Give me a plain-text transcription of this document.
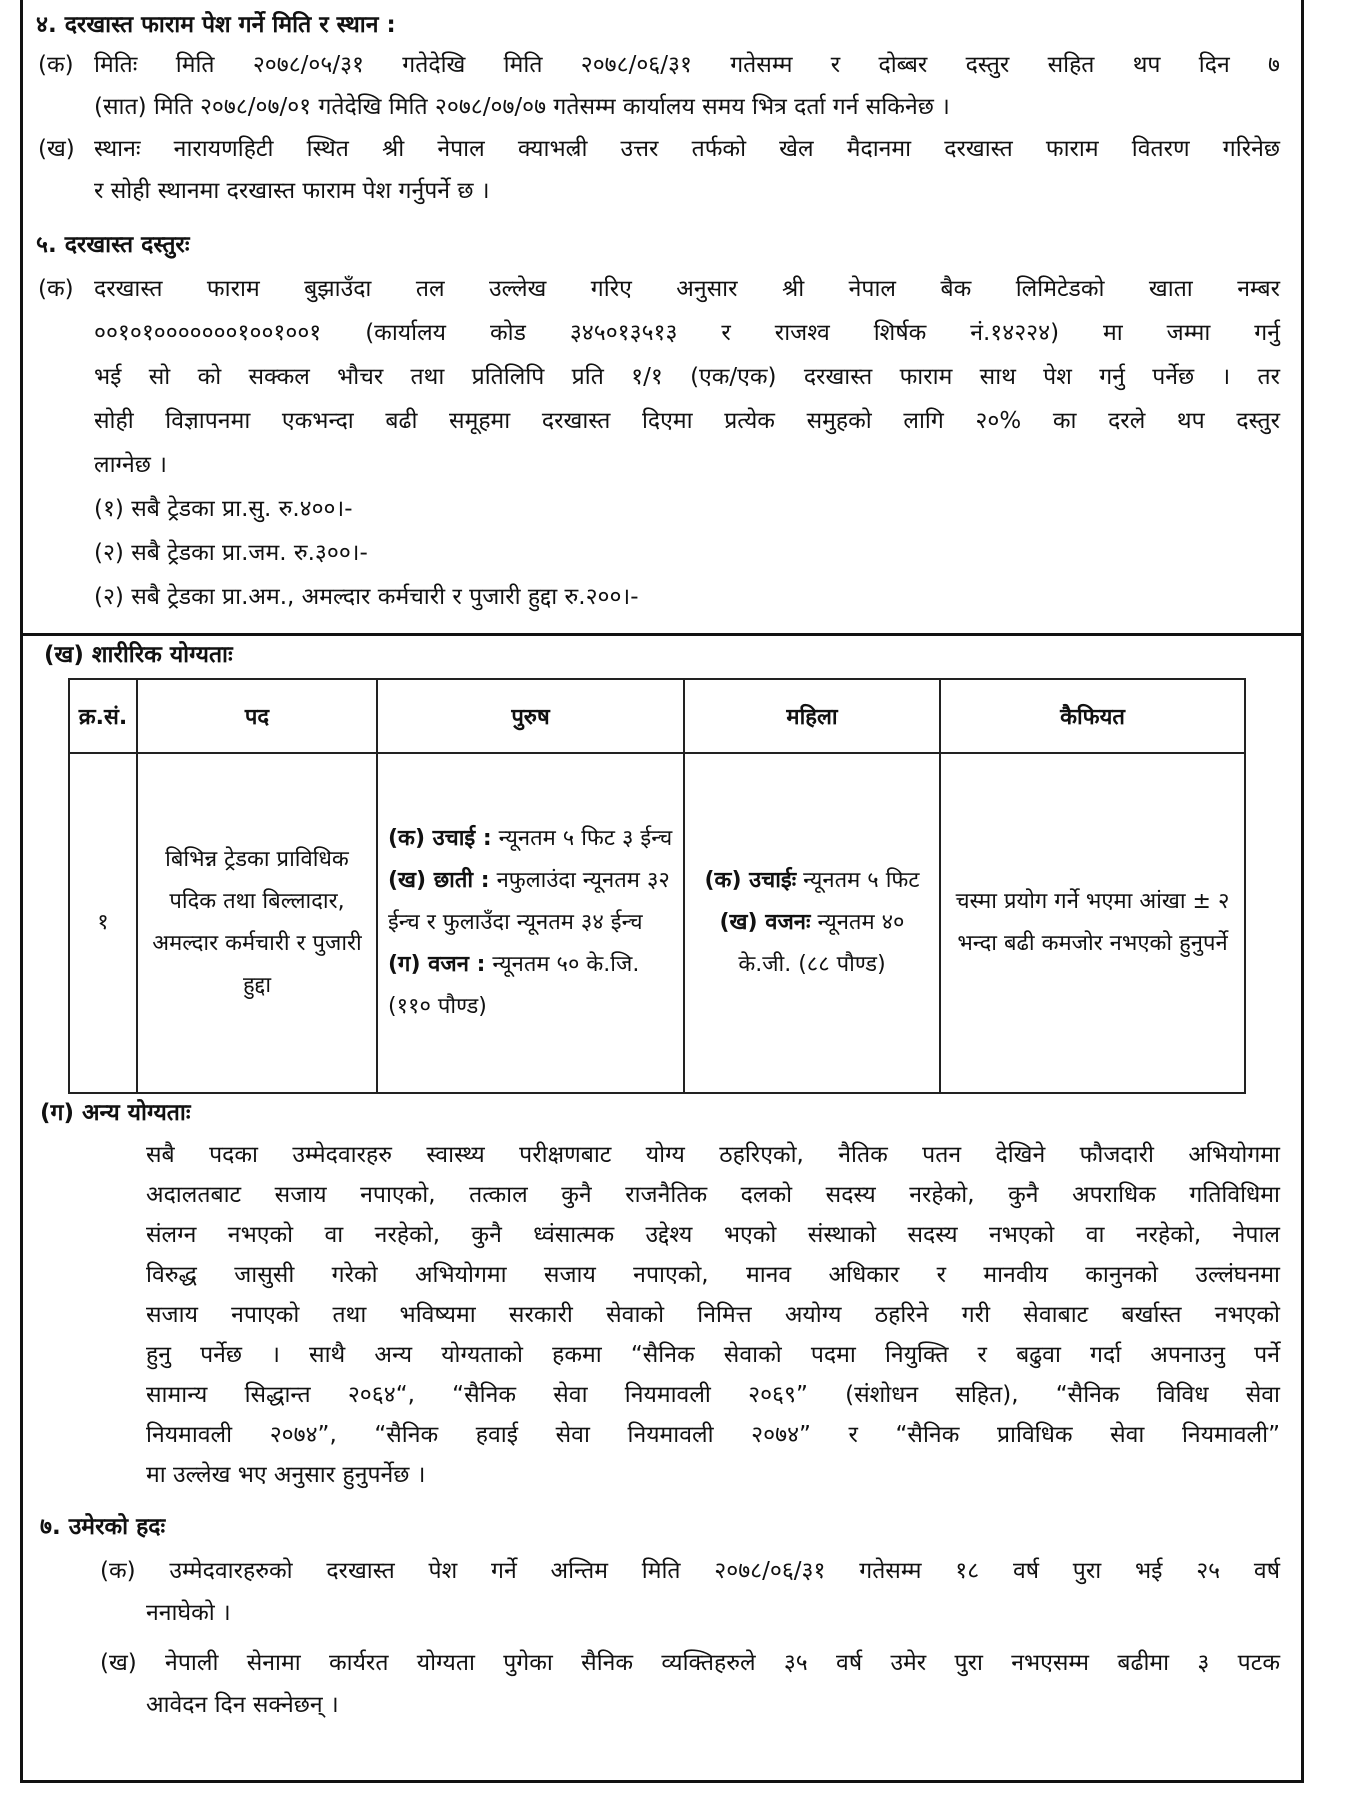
४. दरखास्त फाराम पेश गर्ने मिति र स्थान :
(क) मितिः मिति २०७८/०५/३१ गतेदेखि मिति २०७८/०६/३१ गतेसम्म र दोब्बर दस्तुर सहित थप दिन ७
(सात) मिति २०७८/०७/०१ गतेदेखि मिति २०७८/०७/०७ गतेसम्म कार्यालय समय भित्र दर्ता गर्न सकिनेछ ।
(ख) स्थानः नारायणहिटी स्थित श्री नेपाल क्याभल्री उत्तर तर्फको खेल मैदानमा दरखास्त फाराम वितरण गरिनेछ
र सोही स्थानमा दरखास्त फाराम पेश गर्नुपर्ने छ ।
५. दरखास्त दस्तुरः
(क) दरखास्त फाराम बुझाउँदा तल उल्लेख गरिए अनुसार श्री नेपाल बैक लिमिटेडको खाता नम्बर
००१०१०००००००१००१००१ (कार्यालय कोड ३४५०१३५१३ र राजश्व शिर्षक नं.१४२२४) मा जम्मा गर्नु
भई सो को सक्कल भौचर तथा प्रतिलिपि प्रति १/१ (एक/एक) दरखास्त फाराम साथ पेश गर्नु पर्नेछ । तर
सोही विज्ञापनमा एकभन्दा बढी समूहमा दरखास्त दिएमा प्रत्येक समुहको लागि २०% का दरले थप दस्तुर
लाग्नेछ ।
(१) सबै ट्रेडका प्रा.सु. रु.४००।-
(२) सबै ट्रेडका प्रा.जम. रु.३००।-
(२) सबै ट्रेडका प्रा.अम., अमल्दार कर्मचारी र पुजारी हुद्दा रु.२००।-
(ख) शारीरिक योग्यताः
क्र.सं.	पद	पुरुष	महिला	कैफियत
१	बिभिन्न ट्रेडका प्राविधिक पदिक तथा बिल्लादार, अमल्दार कर्मचारी र पुजारी हुद्दा	(क) उचाई : न्यूनतम ५ फिट ३ ईन्च (ख) छाती : नफुलाउंदा न्यूनतम ३२ ईन्च र फुलाउँदा न्यूनतम ३४ ईन्च (ग) वजन : न्यूनतम ५० के.जि. (११० पौण्ड)	(क) उचाईः न्यूनतम ५ फिट (ख) वजनः न्यूनतम ४० के.जी. (८८ पौण्ड)	चस्मा प्रयोग गर्ने भएमा आंखा ± २ भन्दा बढी कमजोर नभएको हुनुपर्ने
(ग) अन्य योग्यताः
सबै पदका उम्मेदवारहरु स्वास्थ्य परीक्षणबाट योग्य ठहरिएको, नैतिक पतन देखिने फौजदारी अभियोगमा
अदालतबाट सजाय नपाएको, तत्काल कुनै राजनैतिक दलको सदस्य नरहेको, कुनै अपराधिक गतिविधिमा
संलग्न नभएको वा नरहेको, कुनै ध्वंसात्मक उद्देश्य भएको संस्थाको सदस्य नभएको वा नरहेको, नेपाल
विरुद्ध जासुसी गरेको अभियोगमा सजाय नपाएको, मानव अधिकार र मानवीय कानुनको उल्लंघनमा
सजाय नपाएको तथा भविष्यमा सरकारी सेवाको निमित्त अयोग्य ठहरिने गरी सेवाबाट बर्खास्त नभएको
हुनु पर्नेछ । साथै अन्य योग्यताको हकमा “सैनिक सेवाको पदमा नियुक्ति र बढुवा गर्दा अपनाउनु पर्ने
सामान्य सिद्धान्त २०६४“, “सैनिक सेवा नियमावली २०६९” (संशोधन सहित), “सैनिक विविध सेवा
नियमावली २०७४”, “सैनिक हवाई सेवा नियमावली २०७४” र “सैनिक प्राविधिक सेवा नियमावली”
मा उल्लेख भए अनुसार हुनुपर्नेछ ।
७. उमेरको हदः
(क) उम्मेदवारहरुको दरखास्त पेश गर्ने अन्तिम मिति २०७८/०६/३१ गतेसम्म १८ वर्ष पुरा भई २५ वर्ष
ननाघेको ।
(ख) नेपाली सेनामा कार्यरत योग्यता पुगेका सैनिक व्यक्तिहरुले ३५ वर्ष उमेर पुरा नभएसम्म बढीमा ३ पटक
आवेदन दिन सक्नेछन् ।
